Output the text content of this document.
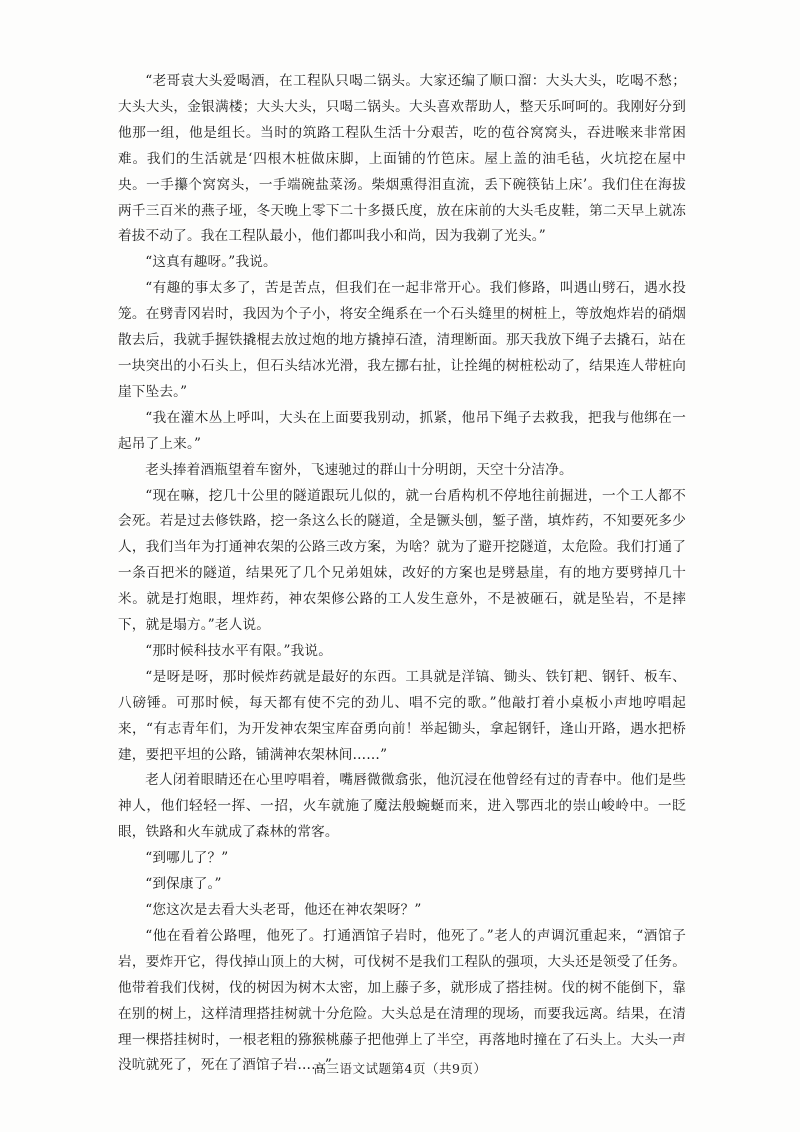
“老哥袁大头爱喝酒，在工程队只喝二锅头。大家还编了顺口溜：大头大头，吃喝不愁；大头大头，金银满楼；大头大头，只喝二锅头。大头喜欢帮助人，整天乐呵呵的。我刚好分到他那一组，他是组长。当时的筑路工程队生活十分艰苦，吃的苞谷窝窝头，吞进喉来非常困难。我们的生活就是‘四根木桩做床脚，上面铺的竹笆床。屋上盖的油毛毡，火坑挖在屋中央。一手攥个窝窝头，一手端碗盐菜汤。柴烟熏得泪直流，丢下碗筷钻上床’。我们住在海拔两千三百米的燕子垭，冬天晚上零下二十多摄氏度，放在床前的大头毛皮鞋，第二天早上就冻着拔不动了。我在工程队最小，他们都叫我小和尚，因为我剃了光头。”

“这真有趣呀。”我说。

“有趣的事太多了，苦是苦点，但我们在一起非常开心。我们修路，叫遇山劈石，遇水投笼。在劈青冈岩时，我因为个子小，将安全绳系在一个石头缝里的树桩上，等放炮炸岩的硝烟散去后，我就手握铁撬棍去放过炮的地方撬掉石渣，清理断面。那天我放下绳子去撬石，站在一块突出的小石头上，但石头结冰光滑，我左挪右扯，让拴绳的树桩松动了，结果连人带桩向崖下坠去。”

“我在灌木丛上呼叫，大头在上面要我别动，抓紧，他吊下绳子去救我，把我与他绑在一起吊了上来。”

老头捧着酒瓶望着车窗外，飞速驰过的群山十分明朗，天空十分洁净。

“现在嘛，挖几十公里的隧道跟玩儿似的，就一台盾构机不停地往前掘进，一个工人都不会死。若是过去修铁路，挖一条这么长的隧道，全是镢头刨，錾子凿，填炸药，不知要死多少人，我们当年为打通神农架的公路三改方案，为啥？就为了避开挖隧道，太危险。我们打通了一条百把米的隧道，结果死了几个兄弟姐妹，改好的方案也是劈悬崖，有的地方要劈掉几十米。就是打炮眼，埋炸药，神农架修公路的工人发生意外，不是被砸石，就是坠岩，不是摔下，就是塌方。”老人说。

“那时候科技水平有限。”我说。

“是呀是呀，那时候炸药就是最好的东西。工具就是洋镐、锄头、铁钉耙、钢钎、板车、八磅锤。可那时候，每天都有使不完的劲儿、唱不完的歌。”他敲打着小桌板小声地哼唱起来，“有志青年们，为开发神农架宝库奋勇向前！举起锄头，拿起钢钎，逢山开路，遇水把桥建，要把平坦的公路，铺满神农架林间……”

老人闭着眼睛还在心里哼唱着，嘴唇微微翕张，他沉浸在他曾经有过的青春中。他们是些神人，他们轻轻一挥、一招，火车就施了魔法般蜿蜒而来，进入鄂西北的崇山峻岭中。一眨眼，铁路和火车就成了森林的常客。

“到哪儿了？”

“到保康了。”

“您这次是去看大头老哥，他还在神农架呀？”

“他在看着公路哩，他死了。打通酒馆子岩时，他死了。”老人的声调沉重起来，“酒馆子岩，要炸开它，得伐掉山顶上的大树，可伐树不是我们工程队的强项，大头还是领受了任务。他带着我们伐树，伐的树因为树木太密，加上藤子多，就形成了搭挂树。伐的树不能倒下，靠在别的树上，这样清理搭挂树就十分危险。大头总是在清理的现场，而要我远离。结果，在清理一棵搭挂树时，一根老粗的猕猴桃藤子把他弹上了半空，再落地时撞在了石头上。大头一声没吭就死了，死在了酒馆子岩……”

高三语文试题第4页（共9页）
